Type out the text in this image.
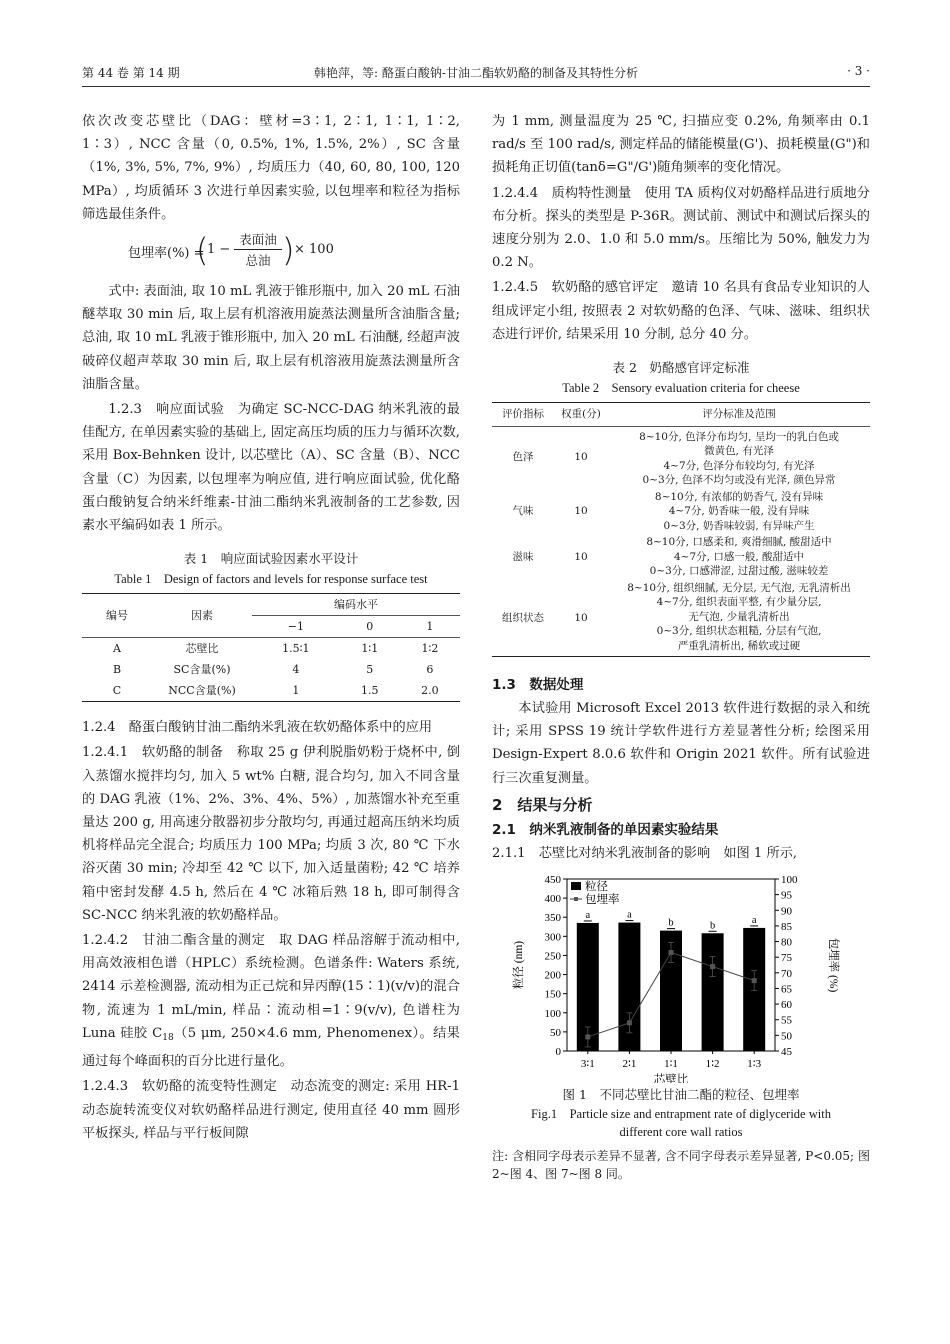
第 44 卷 第 14 期	韩艳萍，等: 酪蛋白酸钠-甘油二酯软奶酪的制备及其特性分析	· 3 ·

依次改变芯壁比（DAG：壁材=3∶1, 2∶1, 1∶1, 1∶2, 1∶3）, NCC 含量（0, 0.5%, 1%, 1.5%, 2%）, SC 含量（1%, 3%, 5%, 7%, 9%）, 均质压力（40, 60, 80, 100, 120 MPa）, 均质循环 3 次进行单因素实验, 以包埋率和粒径为指标筛选最佳条件。

包埋率(%) =
(
1 −
表面油
总油 ) × 100

式中: 表面油, 取 10 mL 乳液于锥形瓶中, 加入 20 mL 石油醚萃取 30 min 后, 取上层有机溶液用旋蒸法测量所含油脂含量; 总油, 取 10 mL 乳液于锥形瓶中, 加入 20 mL 石油醚, 经超声波破碎仪超声萃取 30 min 后, 取上层有机溶液用旋蒸法测量所含油脂含量。

1.2.3　响应面试验　为确定 SC-NCC-DAG 纳米乳液的最佳配方, 在单因素实验的基础上, 固定高压均质的压力与循环次数, 采用 Box-Behnken 设计, 以芯壁比（A）、SC 含量（B）、NCC 含量（C）为因素, 以包埋率为响应值, 进行响应面试验, 优化酪蛋白酸钠复合纳米纤维素-甘油二酯纳米乳液制备的工艺参数, 因素水平编码如表 1 所示。

表 1　响应面试验因素水平设计
Table 1　Design of factors and levels for response surface test
编号	因素	编码水平		
		−1	0	1
A	芯壁比	1.5∶1	1∶1	1∶2
B	SC含量(%)	4	5	6
C	NCC含量(%)	1	1.5	2.0

1.2.4　酪蛋白酸钠甘油二酯纳米乳液在软奶酪体系中的应用

1.2.4.1　软奶酪的制备　称取 25 g 伊利脱脂奶粉于烧杯中, 倒入蒸馏水搅拌均匀, 加入 5 wt% 白糖, 混合均匀, 加入不同含量的 DAG 乳液（1%、2%、3%、4%、5%）, 加蒸馏水补充至重量达 200 g, 用高速分散器初步分散均匀, 再通过超高压纳米均质机将样品完全混合; 均质压力 100 MPa; 均质 3 次, 80 ℃ 下水浴灭菌 30 min; 冷却至 42 ℃ 以下, 加入适量菌粉; 42 ℃ 培养箱中密封发酵 4.5 h, 然后在 4 ℃ 冰箱后熟 18 h, 即可制得含 SC-NCC 纳米乳液的软奶酪样品。

1.2.4.2　甘油二酯含量的测定　取 DAG 样品溶解于流动相中, 用高效液相色谱（HPLC）系统检测。色谱条件: Waters 系统, 2414 示差检测器, 流动相为正己烷和异丙醇(15∶1)(v/v)的混合物, 流速为 1 mL/min, 样品∶流动相=1∶9(v/v), 色谱柱为 Luna 硅胶 $C_{18}(5$ μm, 250×4.6 mm, Phenomenex）。结果通过每个峰面积的百分比进行量化。

1.2.4.3　软奶酪的流变特性测定　动态流变的测定: 采用 HR-1 动态旋转流变仪对软奶酪样品进行测定, 使用直径 40 mm 圆形平板探头, 样品与平行板间隙

为 1 mm, 测量温度为 25 ℃, 扫描应变 0.2%, 角频率由 0.1 rad/s 至 100 rad/s, 测定样品的储能模量(G')、损耗模量(G")和损耗角正切值(tanδ=G"/G')随角频率的变化情况。

1.2.4.4　质构特性测量　使用 TA 质构仪对奶酪样品进行质地分布分析。探头的类型是 P-36R。测试前、测试中和测试后探头的速度分别为 2.0、1.0 和 5.0 mm/s。压缩比为 50%, 触发力为 0.2 N。

1.2.4.5　软奶酪的感官评定　邀请 10 名具有食品专业知识的人组成评定小组, 按照表 2 对软奶酪的色泽、气味、滋味、组织状态进行评价, 结果采用 10 分制, 总分 40 分。

表 2　奶酪感官评定标准
Table 2　Sensory evaluation criteria for cheese
评价指标	权重(分)	评分标准及范围
色泽	10	8~10分, 色泽分布均匀, 呈均一的乳白色或
微黄色, 有光泽
4~7分, 色泽分布较均匀, 有光泽
0~3分, 色泽不均匀或没有光泽, 颜色异常

气味	10	8~10分, 有浓郁的奶香气, 没有异味
4~7分, 奶香味一般, 没有异味
0~3分, 奶香味较弱, 有异味产生

滋味	10	8~10分, 口感柔和, 爽滑细腻, 酸甜适中
4~7分, 口感一般, 酸甜适中
0~3分, 口感滞涩, 过甜过酸, 滋味较差

组织状态	10	8~10分, 组织细腻, 无分层, 无气泡, 无乳清析出
4~7分, 组织表面平整, 有少量分层,
无气泡, 少量乳清析出
0~3分, 组织状态粗糙, 分层有气泡,
严重乳清析出, 稀软或过硬
1.3　数据处理

本试验用 Microsoft Excel 2013 软件进行数据的录入和统计; 采用 SPSS 19 统计学软件进行方差显著性分析; 绘图采用 Design-Expert 8.0.6 软件和 Origin 2021 软件。所有试验进行三次重复测量。

2　结果与分析
2.1　纳米乳液制备的单因素实验结果

2.1.1　芯壁比对纳米乳液制备的影响　如图 1 所示,

0
50
100
150
200
250
300
350
400
450
45
50
55
60
65
70
75
80
85
90
95
100
粒径 (nm)	包埋率 (%)
芯壁比
a
3∶1
a
2∶1
b
1∶1
b
1∶2
a
1∶3
粒径
包埋率
图 1　不同芯壁比甘油二酯的粒径、包埋率
Fig.1　Particle size and entrapment rate of diglyceride with
different core wall ratios

注: 含相同字母表示差异不显著, 含不同字母表示差异显著, P<0.05; 图 2~图 4、图 7~图 8 同。
